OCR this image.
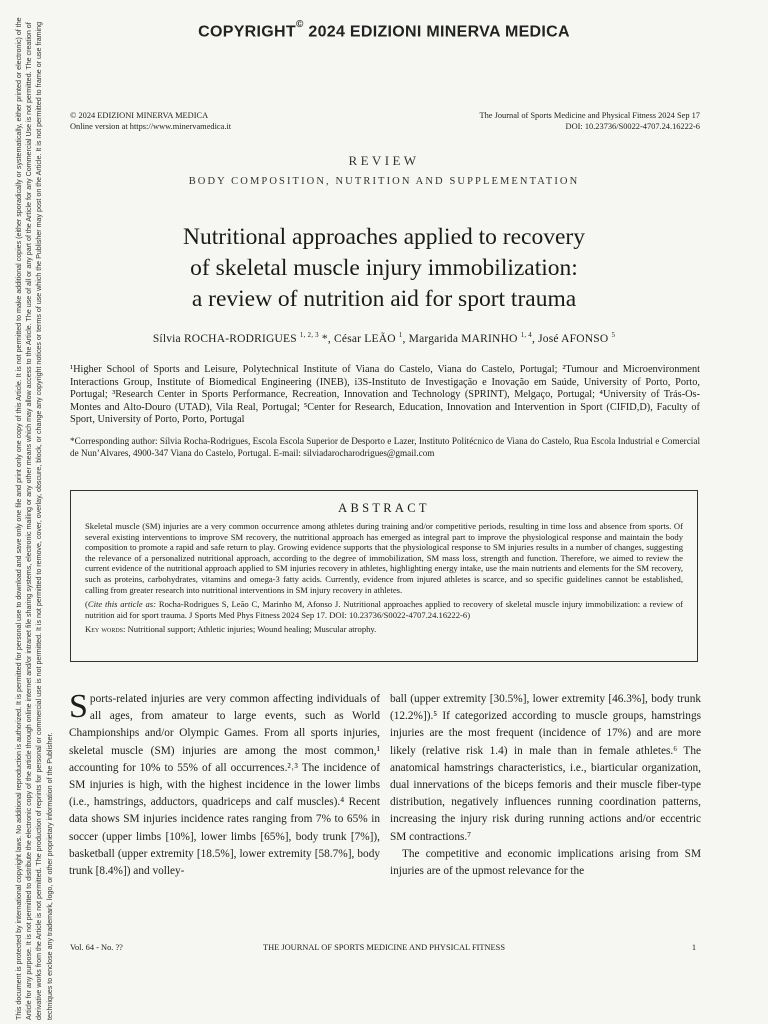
COPYRIGHT© 2024 EDIZIONI MINERVA MEDICA
This document is protected by international copyright laws. No additional reproduction is authorized. It is permitted for personal use to download and save only one file and print only one copy of this Article. It is not permitted to make additional copies (either sporadically or systematically, either printed or electronic) of the Article for any purpose. It is not permitted to distribute the electronic copy of the article through online internet and/or intranet file sharing systems, electronic mailing or any other means which may allow access to the Article. The use of all or any part of the Article for any Commercial Use is not permitted. The creation of derivative works from the Article is not permitted. The production of reprints for personal or commercial use is not permitted. It is not permitted to remove, cover, overlay, obscure, block, or change any copyright notices or terms of use which the Publisher may post on the Article. It is not permitted to frame or use framing techniques to enclose any trademark, logo, or other proprietary information of the Publisher.
© 2024 EDIZIONI MINERVA MEDICA
Online version at https://www.minervamedica.it
The Journal of Sports Medicine and Physical Fitness 2024 Sep 17
DOI: 10.23736/S0022-4707.24.16222-6
REVIEW
BODY COMPOSITION, NUTRITION AND SUPPLEMENTATION
Nutritional approaches applied to recovery
of skeletal muscle injury immobilization:
a review of nutrition aid for sport trauma
Sílvia ROCHA-RODRIGUES $^{1, 2, 3}$ *, César LEÃO $^1$, Margarida MARINHO $^{1, 4}$, José AFONSO $^5$
¹Higher School of Sports and Leisure, Polytechnical Institute of Viana do Castelo, Viana do Castelo, Portugal; ²Tumour and Microenvironment Interactions Group, Institute of Biomedical Engineering (INEB), i3S-Instituto de Investigação e Inovação em Saúde, University of Porto, Porto, Portugal; ³Research Center in Sports Performance, Recreation, Innovation and Technology (SPRINT), Melgaço, Portugal; ⁴University of Trás-Os-Montes and Alto-Douro (UTAD), Vila Real, Portugal; ⁵Center for Research, Education, Innovation and Intervention in Sport (CIFID,D), Faculty of Sport, University of Porto, Porto, Portugal
*Corresponding author: Sílvia Rocha-Rodrigues, Escola Escola Superior de Desporto e Lazer, Instituto Politécnico de Viana do Castelo, Rua Escola Industrial e Comercial de Nun’Alvares, 4900-347 Viana do Castelo, Portugal. E-mail: silviadarocharodrigues@gmail.com
ABSTRACT

Skeletal muscle (SM) injuries are a very common occurrence among athletes during training and/or competitive periods, resulting in time loss and absence from sports. Of several existing interventions to improve SM recovery, the nutritional approach has emerged as integral part to improve the physiological response and maintain the body composition to promote a rapid and safe return to play. Growing evidence supports that the physiological response to SM injuries results in a number of changes, suggesting the relevance of a personalized nutritional approach, according to the degree of immobilization, SM mass loss, strength and function. Therefore, we aimed to review the current evidence of the nutritional approach applied to SM injuries recovery in athletes, highlighting energy intake, use the main nutrients and elements for the SM recovery, such as proteins, carbohydrates, vitamins and omega-3 fatty acids. Currently, evidence from injured athletes is scarce, and so specific guidelines cannot be established, calling from greater research into nutritional interventions in SM injury recovery in athletes.

(Cite this article as: Rocha-Rodrigues S, Leão C, Marinho M, Afonso J. Nutritional approaches applied to recovery of skeletal muscle injury immobilization: a review of nutrition aid for sport trauma. J Sports Med Phys Fitness 2024 Sep 17. DOI: 10.23736/S0022-4707.24.16222-6)

Key words: Nutritional support; Athletic injuries; Wound healing; Muscular atrophy.

Sports-related injuries are very common affecting individuals of all ages, from amateur to large events, such as World Championships and/or Olympic Games. From all sports injuries, skeletal muscle (SM) injuries are among the most common,¹ accounting for 10% to 55% of all occurrences.²˒³ The incidence of SM injuries is high, with the highest incidence in the lower limbs (i.e., hamstrings, adductors, quadriceps and calf muscles).⁴ Recent data shows SM injuries incidence rates ranging from 7% to 65% in soccer (upper limbs [10%], lower limbs [65%], body trunk [7%]), basketball (upper extremity [18.5%], lower extremity [58.7%], body trunk [8.4%]) and volley-

ball (upper extremity [30.5%], lower extremity [46.3%], body trunk (12.2%]).⁵ If categorized according to muscle groups, hamstrings injuries are the most frequent (incidence of 17%) and are more likely (relative risk 1.4) in male than in female athletes.⁶ The anatomical hamstrings characteristics, i.e., biarticular organization, dual innervations of the biceps femoris and their muscle fiber-type distribution, negatively influences running coordination patterns, increasing the injury risk during running actions and/or eccentric SM contractions.⁷

The competitive and economic implications arising from SM injuries are of the upmost relevance for the

Vol. 64 - No. ??	THE JOURNAL OF SPORTS MEDICINE AND PHYSICAL FITNESS	1
